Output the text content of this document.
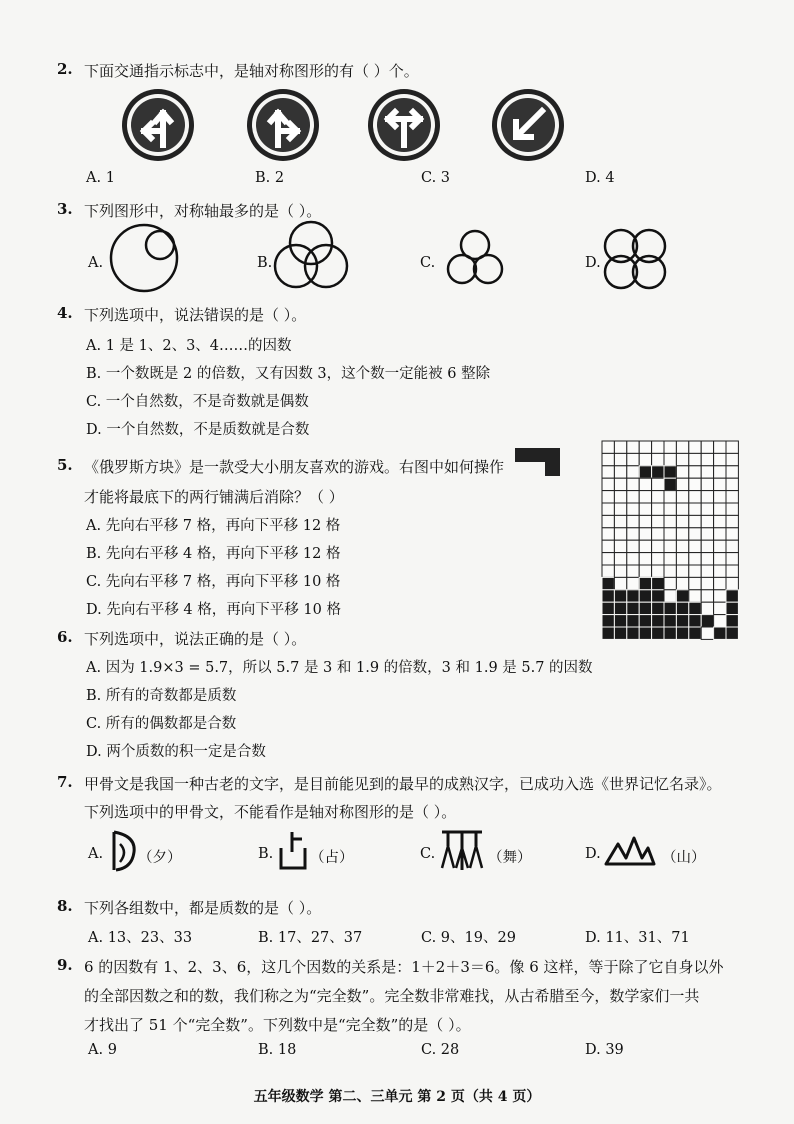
2. 下面交通指示标志中，是轴对称图形的有（ ）个。
A. 1	B. 2	C. 3	D. 4
3. 下列图形中，对称轴最多的是（ ）。
A.	B.	C.	D.
4. 下列选项中，说法错误的是（ ）。
A. 1 是 1、2、3、4……的因数
B. 一个数既是 2 的倍数，又有因数 3，这个数一定能被 6 整除
C. 一个自然数，不是奇数就是偶数
D. 一个自然数，不是质数就是合数
5. 《俄罗斯方块》是一款受大小朋友喜欢的游戏。右图中如何操作
才能将最底下的两行铺满后消除？（ ）
A. 先向右平移 7 格，再向下平移 12 格
B. 先向右平移 4 格，再向下平移 12 格
C. 先向右平移 7 格，再向下平移 10 格
D. 先向右平移 4 格，再向下平移 10 格
6. 下列选项中，说法正确的是（ ）。
A. 因为 1.9×3 = 5.7，所以 5.7 是 3 和 1.9 的倍数，3 和 1.9 是 5.7 的因数
B. 所有的奇数都是质数
C. 所有的偶数都是合数
D. 两个质数的积一定是合数
7. 甲骨文是我国一种古老的文字，是目前能见到的最早的成熟汉字，已成功入选《世界记忆名录》。
下列选项中的甲骨文，不能看作是轴对称图形的是（ ）。
A. （夕）	B.	（占）	C.	（舞）	D.	（山）
8. 下列各组数中，都是质数的是（ ）。
A. 13、23、33	B. 17、27、37	C. 9、19、29	D. 11、31、71
9. 6 的因数有 1、2、3、6，这几个因数的关系是：1＋2＋3＝6。像 6 这样，等于除了它自身以外
的全部因数之和的数，我们称之为“完全数”。完全数非常难找，从古希腊至今，数学家们一共
才找出了 51 个“完全数”。下列数中是“完全数”的是（ ）。
A. 9	B. 18	C. 28	D. 39
五年级数学 第二、三单元 第 2 页（共 4 页）
